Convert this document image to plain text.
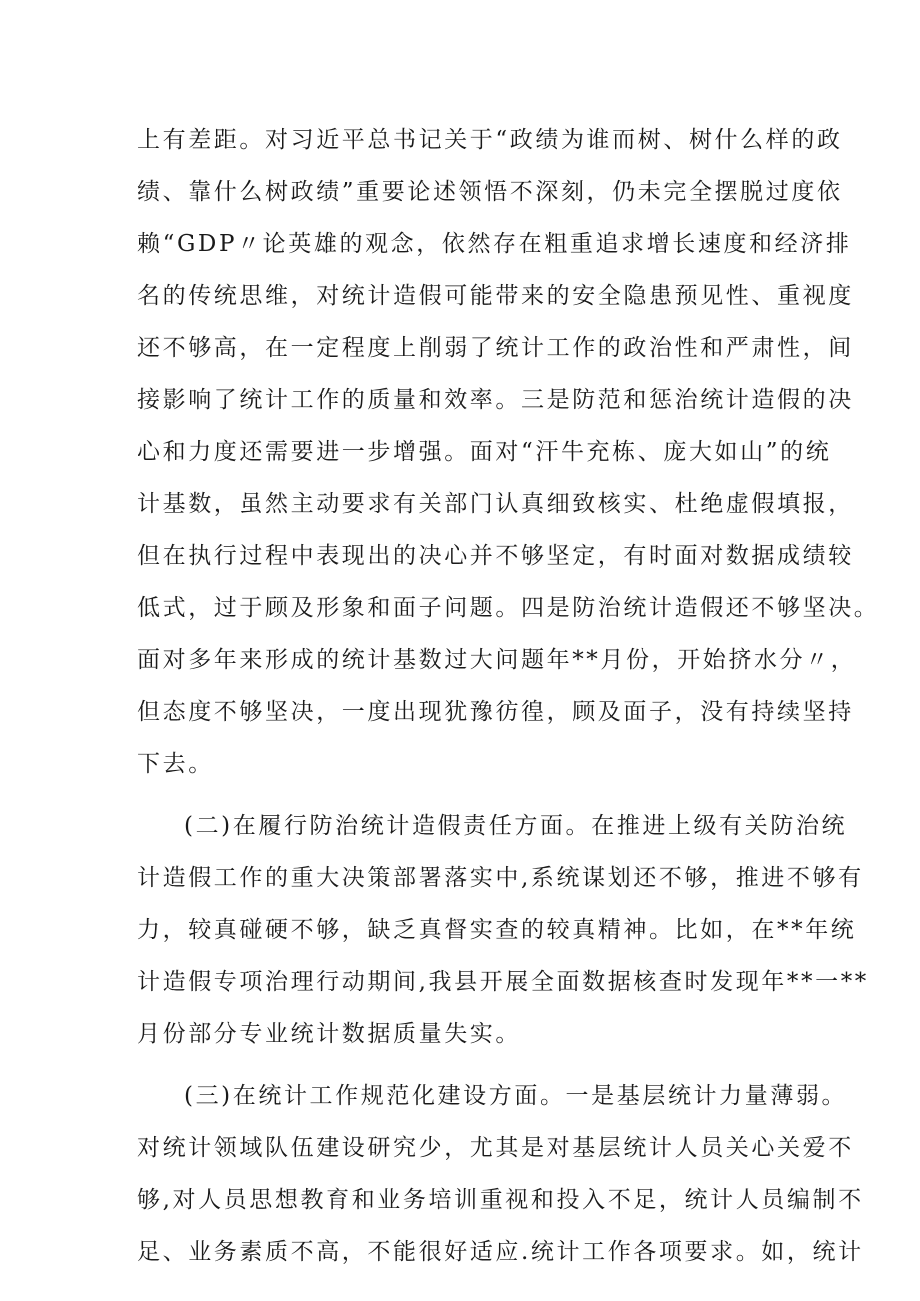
上有差距。对习近平总书记关于“政绩为谁而树、树什么样的政
绩、靠什么树政绩”重要论述领悟不深刻，仍未完全摆脱过度依
赖“GDP〃论英雄的观念，依然存在粗重追求增长速度和经济排
名的传统思维，对统计造假可能带来的安全隐患预见性、重视度
还不够高，在一定程度上削弱了统计工作的政治性和严肃性，间
接影响了统计工作的质量和效率。三是防范和惩治统计造假的决
心和力度还需要进一步增强。面对“汗牛充栋、庞大如山”的统
计基数，虽然主动要求有关部门认真细致核实、杜绝虚假填报，
但在执行过程中表现出的决心并不够坚定，有时面对数据成绩较
低式，过于顾及形象和面子问题。四是防治统计造假还不够坚决。
面对多年来形成的统计基数过大问题年**月份，开始挤水分〃，
但态度不够坚决，一度出现犹豫彷徨，顾及面子，没有持续坚持
下去。
(二)在履行防治统计造假责任方面。在推进上级有关防治统
计造假工作的重大决策部署落实中,系统谋划还不够，推进不够有
力，较真碰硬不够，缺乏真督实查的较真精神。比如，在**年统
计造假专项治理行动期间,我县开展全面数据核查时发现年**一**
月份部分专业统计数据质量失实。
(三)在统计工作规范化建设方面。一是基层统计力量薄弱。
对统计领域队伍建设研究少，尤其是对基层统计人员关心关爱不
够,对人员思想教育和业务培训重视和投入不足，统计人员编制不
足、业务素质不高，不能很好适应.统计工作各项要求。如，统计
